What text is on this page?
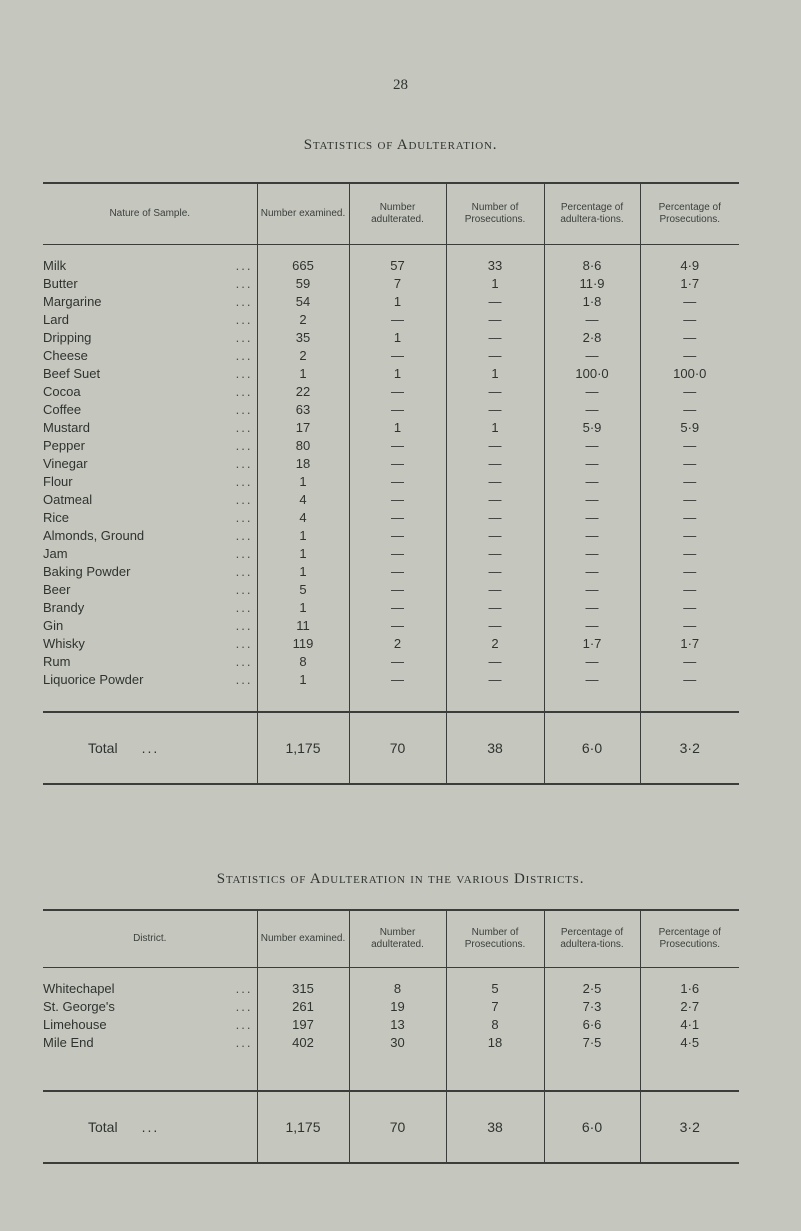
28
Statistics of Adulteration.
Nature of Sample.	Number examined.	Number adulterated.	Number of Prosecutions.	Percentage of adultera-tions.	Percentage of Prosecutions.

Milk ...	665	57	33	8·6	4·9
Butter ...	59	7	1	11·9	1·7
Margarine ...	54	1	—	1·8	—
Lard ...	2	—	—	—	—
Dripping ...	35	1	—	2·8	—
Cheese ...	2	—	—	—	—
Beef Suet ...	1	1	1	100·0	100·0
Cocoa ...	22	—	—	—	—
Coffee ...	63	—	—	—	—
Mustard ...	17	1	1	5·9	5·9
Pepper ...	80	—	—	—	—
Vinegar ...	18	—	—	—	—
Flour ...	1	—	—	—	—
Oatmeal ...	4	—	—	—	—
Rice ...	4	—	—	—	—
Almonds, Ground ...	1	—	—	—	—
Jam ...	1	—	—	—	—
Baking Powder ...	1	—	—	—	—
Beer ...	5	—	—	—	—
Brandy ...	1	—	—	—	—
Gin ...	11	—	—	—	—
Whisky ...	119	2	2	1·7	1·7
Rum ...	8	—	—	—	—
Liquorice Powder ...	1	—	—	—	—

Total ...	1,175	70	38	6·0	3·2
Statistics of Adulteration in the various Districts.
District.	Number examined.	Number adulterated.	Number of Prosecutions.	Percentage of adultera-tions.	Percentage of Prosecutions.

Whitechapel ...	315	8	5	2·5	1·6
St. George's ...	261	19	7	7·3	2·7
Limehouse ...	197	13	8	6·6	4·1
Mile End ...	402	30	18	7·5	4·5

Total ...	1,175	70	38	6·0	3·2
